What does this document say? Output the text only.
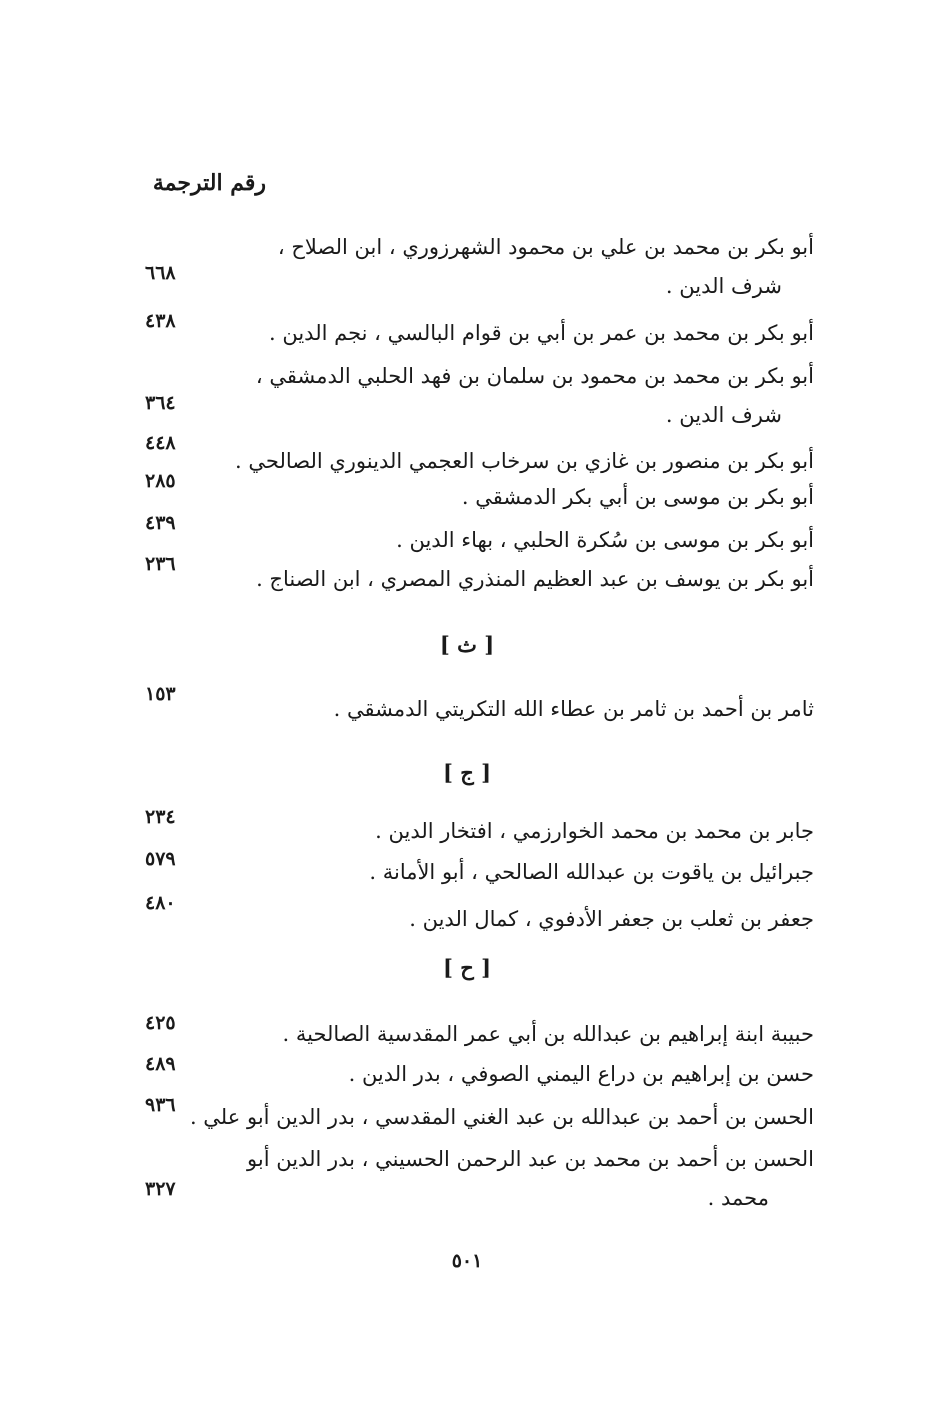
رقم الترجمة
أبو بكر بن محمد بن علي بن محمود الشهرزوري ، ابن الصلاح ،
شرف الدين .
٦٦٨
أبو بكر بن محمد بن عمر بن أبي بن قوام البالسي ، نجم الدين .
٤٣٨
أبو بكر بن محمد بن محمود بن سلمان بن فهد الحلبي الدمشقي ،
شرف الدين .
٣٦٤
أبو بكر بن منصور بن غازي بن سرخاب العجمي الدينوري الصالحي .
٤٤٨
أبو بكر بن موسى بن أبي بكر الدمشقي .
٢٨٥
أبو بكر بن موسى بن سُكرة الحلبي ، بهاء الدين .
٤٣٩
أبو بكر بن يوسف بن عبد العظيم المنذري المصري ، ابن الصناج .
٢٣٦
[ ث ]
ثامر بن أحمد بن ثامر بن عطاء الله التكريتي الدمشقي .
١٥٣
[ ج ]
جابر بن محمد بن محمد الخوارزمي ، افتخار الدين .
٢٣٤
جبرائيل بن ياقوت بن عبدالله الصالحي ، أبو الأمانة .
٥٧٩
جعفر بن ثعلب بن جعفر الأدفوي ، كمال الدين .
٤٨٠
[ ح ]
حبيبة ابنة إبراهيم بن عبدالله بن أبي عمر المقدسية الصالحية .
٤٢٥
حسن بن إبراهيم بن دراع اليمني الصوفي ، بدر الدين .
٤٨٩
الحسن بن أحمد بن عبدالله بن عبد الغني المقدسي ، بدر الدين أبو علي .
٩٣٦
الحسن بن أحمد بن محمد بن عبد الرحمن الحسيني ، بدر الدين أبو
محمد .
٣٢٧
٥٠١
